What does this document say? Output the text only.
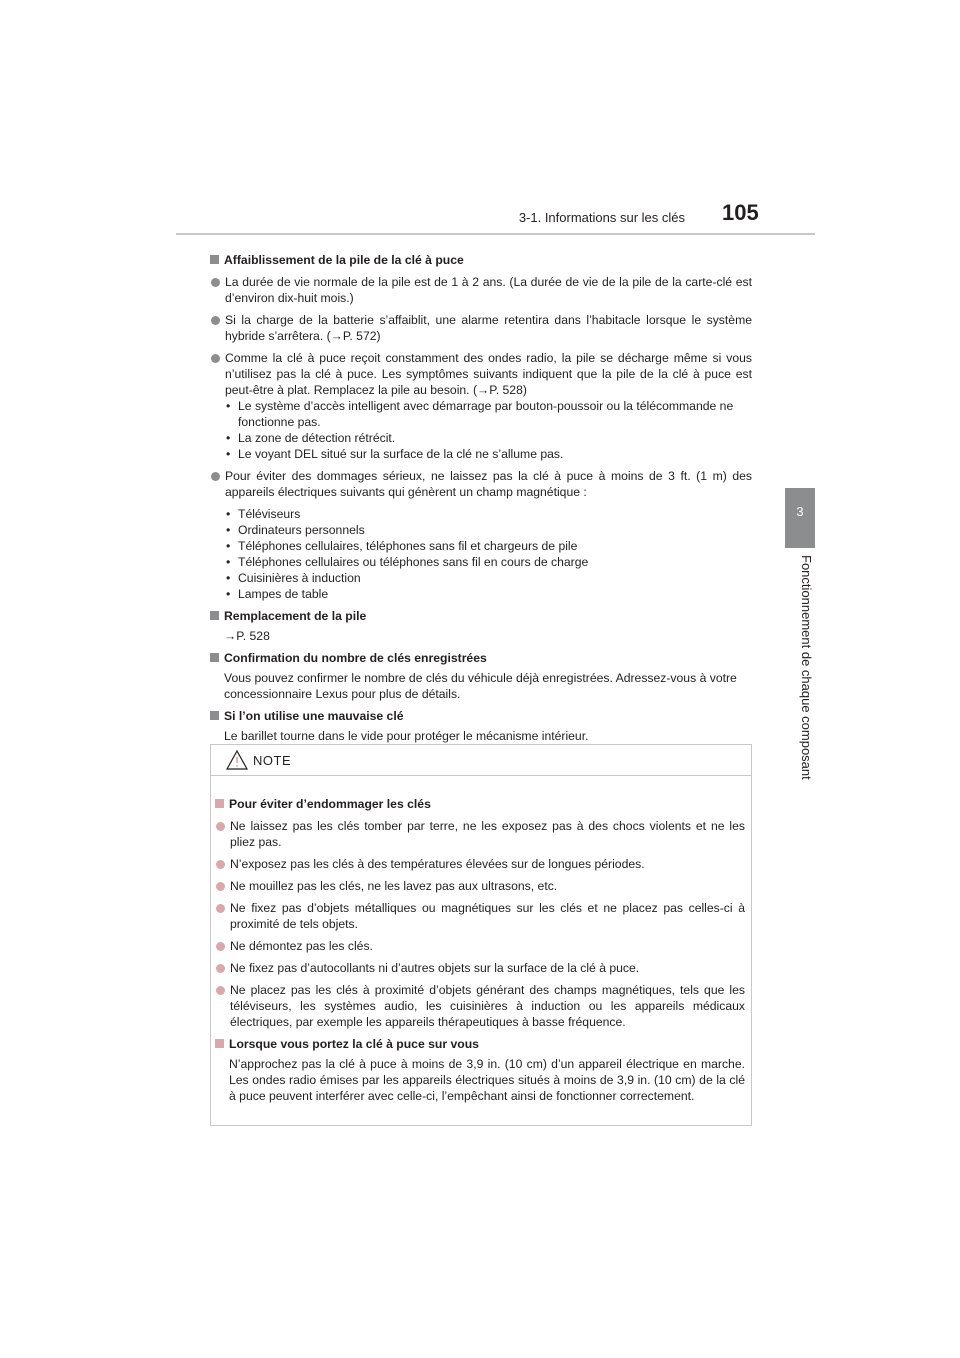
3-1. Informations sur les clés 105
3
Fonctionnement de chaque composant
Affaiblissement de la pile de la clé à puce
La durée de vie normale de la pile est de 1 à 2 ans. (La durée de vie de la pile de la carte-clé est d’environ dix-huit mois.)
Si la charge de la batterie s’affaiblit, une alarme retentira dans l’habitacle lorsque le système hybride s’arrêtera. (→P. 572)
Comme la clé à puce reçoit constamment des ondes radio, la pile se décharge même si vous n’utilisez pas la clé à puce. Les symptômes suivants indiquent que la pile de la clé à puce est peut-être à plat. Remplacez la pile au besoin. (→P. 528)
• Le système d’accès intelligent avec démarrage par bouton-poussoir ou la télécommande ne fonctionne pas.
• La zone de détection rétrécit.
• Le voyant DEL situé sur la surface de la clé ne s’allume pas.
Pour éviter des dommages sérieux, ne laissez pas la clé à puce à moins de 3 ft. (1 m) des appareils électriques suivants qui génèrent un champ magnétique :
• Téléviseurs
• Ordinateurs personnels
• Téléphones cellulaires, téléphones sans fil et chargeurs de pile
• Téléphones cellulaires ou téléphones sans fil en cours de charge
• Cuisinières à induction
• Lampes de table
Remplacement de la pile
→P. 528
Confirmation du nombre de clés enregistrées
Vous pouvez confirmer le nombre de clés du véhicule déjà enregistrées. Adressez-vous à votre concessionnaire Lexus pour plus de détails.
Si l’on utilise une mauvaise clé
Le barillet tourne dans le vide pour protéger le mécanisme intérieur.
NOTE
Pour éviter d’endommager les clés
Ne laissez pas les clés tomber par terre, ne les exposez pas à des chocs violents et ne les pliez pas.
N’exposez pas les clés à des températures élevées sur de longues périodes.
Ne mouillez pas les clés, ne les lavez pas aux ultrasons, etc.
Ne fixez pas d’objets métalliques ou magnétiques sur les clés et ne placez pas celles-ci à proximité de tels objets.
Ne démontez pas les clés.
Ne fixez pas d’autocollants ni d’autres objets sur la surface de la clé à puce.
Ne placez pas les clés à proximité d’objets générant des champs magnétiques, tels que les téléviseurs, les systèmes audio, les cuisinières à induction ou les appareils médicaux électriques, par exemple les appareils thérapeutiques à basse fréquence.
Lorsque vous portez la clé à puce sur vous
N’approchez pas la clé à puce à moins de 3,9 in. (10 cm) d’un appareil électrique en marche. Les ondes radio émises par les appareils électriques situés à moins de 3,9 in. (10 cm) de la clé à puce peuvent interférer avec celle-ci, l’empêchant ainsi de fonctionner correctement.
